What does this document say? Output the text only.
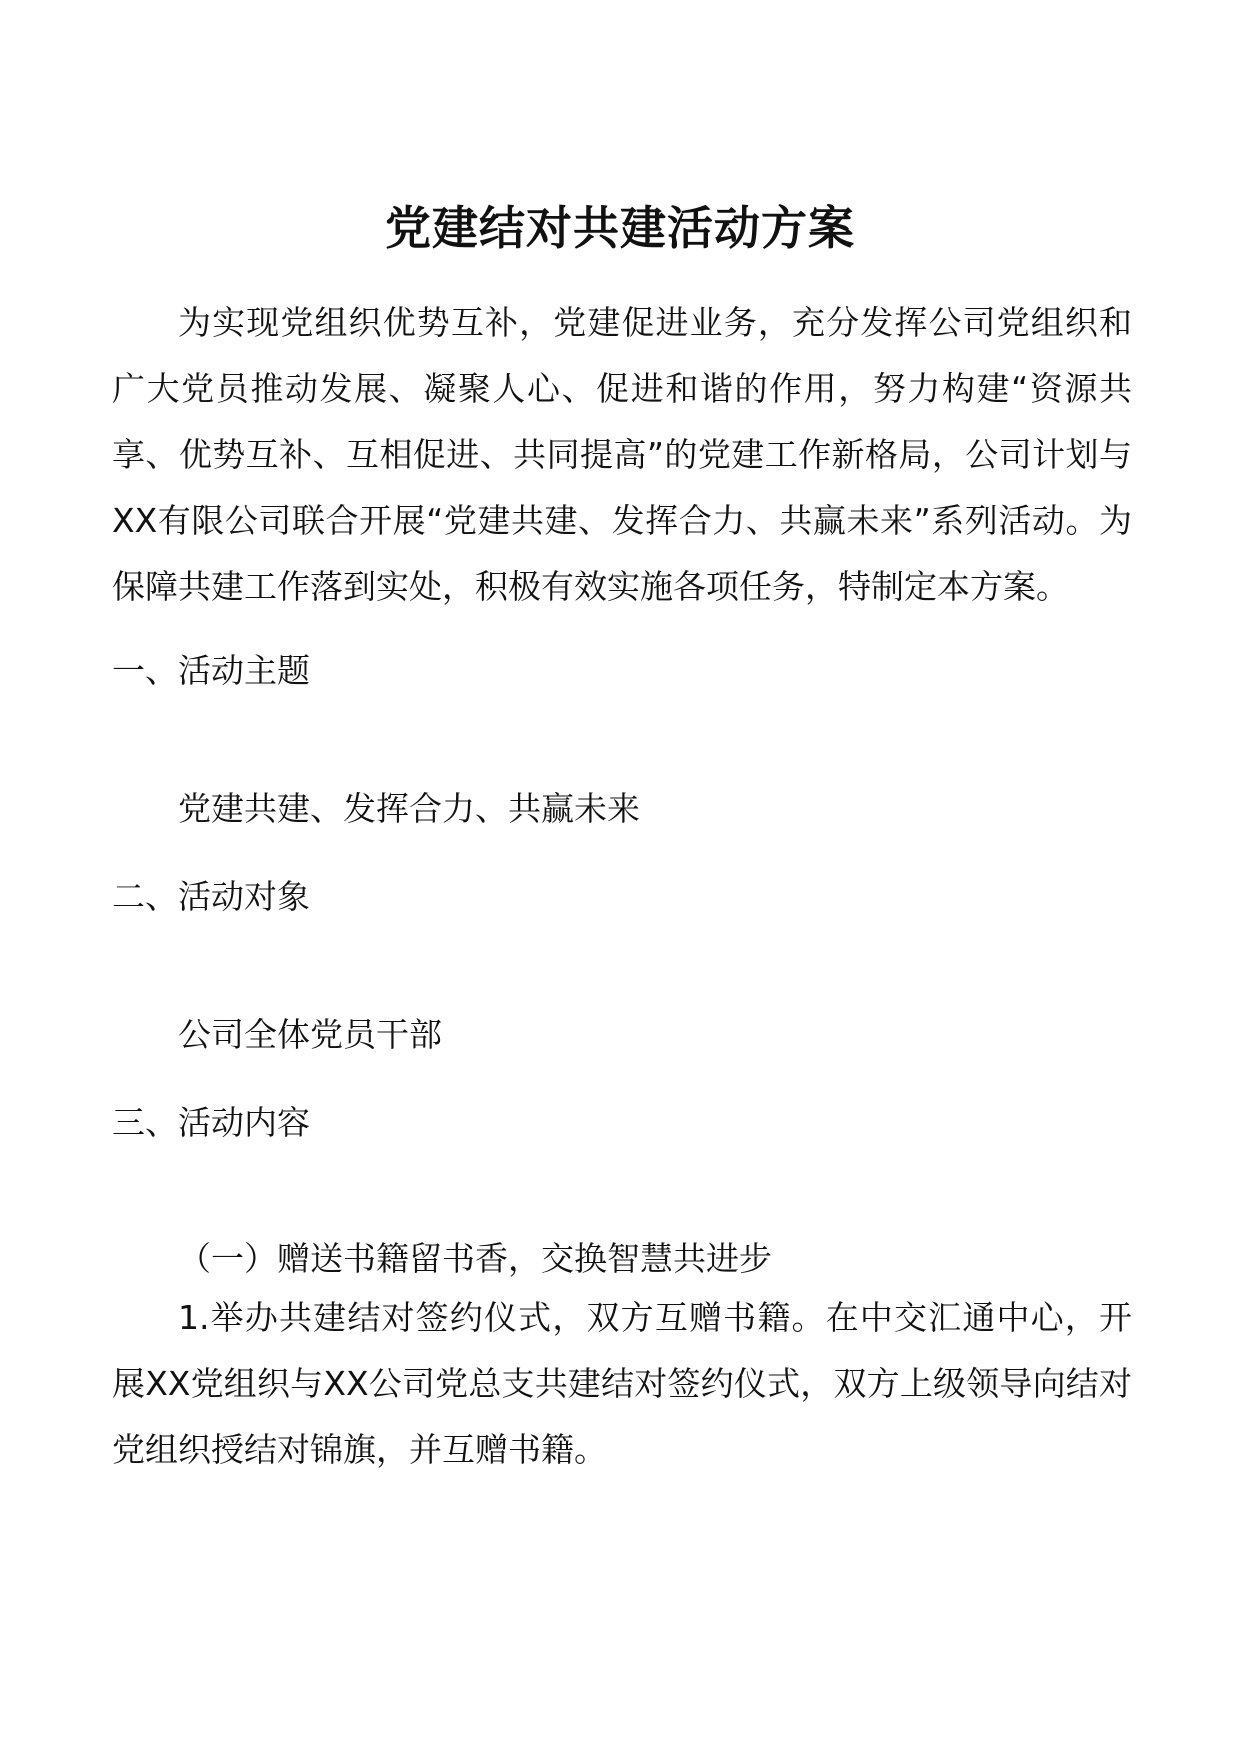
党建结对共建活动方案

为实现党组织优势互补，党建促进业务，充分发挥公司党组织和广大党员推动发展、凝聚人心、促进和谐的作用，努力构建“资源共享、优势互补、互相促进、共同提高”的党建工作新格局，公司计划与XX有限公司联合开展“党建共建、发挥合力、共赢未来”系列活动。为保障共建工作落到实处，积极有效实施各项任务，特制定本方案。

一、活动主题
党建共建、发挥合力、共赢未来
二、活动对象
公司全体党员干部
三、活动内容
（一）赠送书籍留书香，交换智慧共进步

1.举办共建结对签约仪式，双方互赠书籍。在中交汇通中心，开展XX党组织与XX公司党总支共建结对签约仪式，双方上级领导向结对党组织授结对锦旗，并互赠书籍。
